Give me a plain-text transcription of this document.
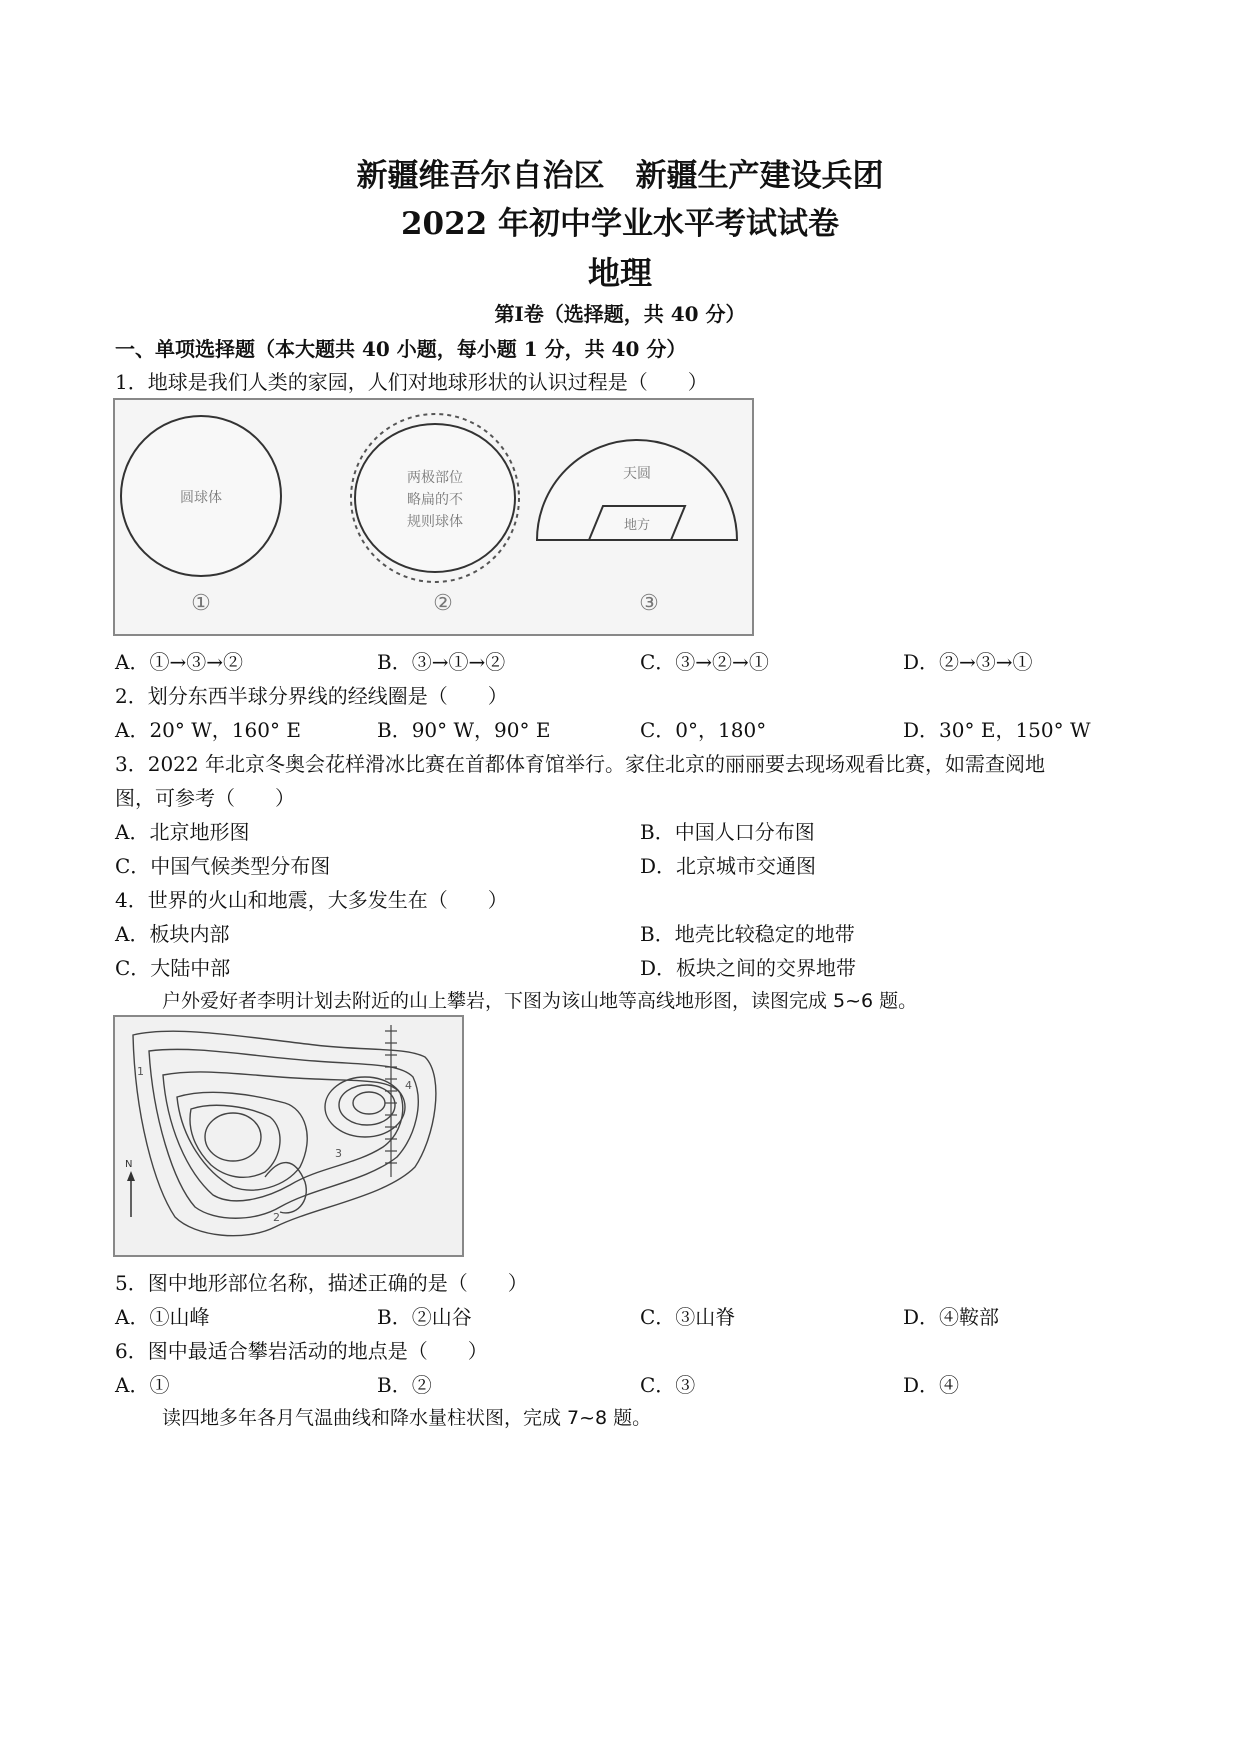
新疆维吾尔自治区　新疆生产建设兵团
2022 年初中学业水平考试试卷
地理
第Ⅰ卷（选择题，共 40 分）
一、单项选择题（本大题共 40 小题，每小题 1 分，共 40 分）
1．地球是我们人类的家园，人们对地球形状的认识过程是（　　）
圆球体
两极部位
略扁的不
规则球体
天圆
地方
①	②	③
A．①→③→②	B．③→①→②	C．③→②→①	D．②→③→①
2．划分东西半球分界线的经线圈是（　　）
A．20° W，160° E	B．90° W，90° E	C．0°，180°	D．30° E，150° W
3．2022 年北京冬奥会花样滑冰比赛在首都体育馆举行。家住北京的丽丽要去现场观看比赛，如需查阅地
图，可参考（　　）
A．北京地形图	B．中国人口分布图
C．中国气候类型分布图	D．北京城市交通图
4．世界的火山和地震，大多发生在（　　）
A．板块内部	B．地壳比较稳定的地带
C．大陆中部	D．板块之间的交界地带
户外爱好者李明计划去附近的山上攀岩，下图为该山地等高线地形图，读图完成 5~6 题。
1
2
3
4
N
5．图中地形部位名称，描述正确的是（　　）
A．①山峰	B．②山谷	C．③山脊	D．④鞍部
6．图中最适合攀岩活动的地点是（　　）
A．①	B．②	C．③	D．④
读四地多年各月气温曲线和降水量柱状图，完成 7~8 题。
